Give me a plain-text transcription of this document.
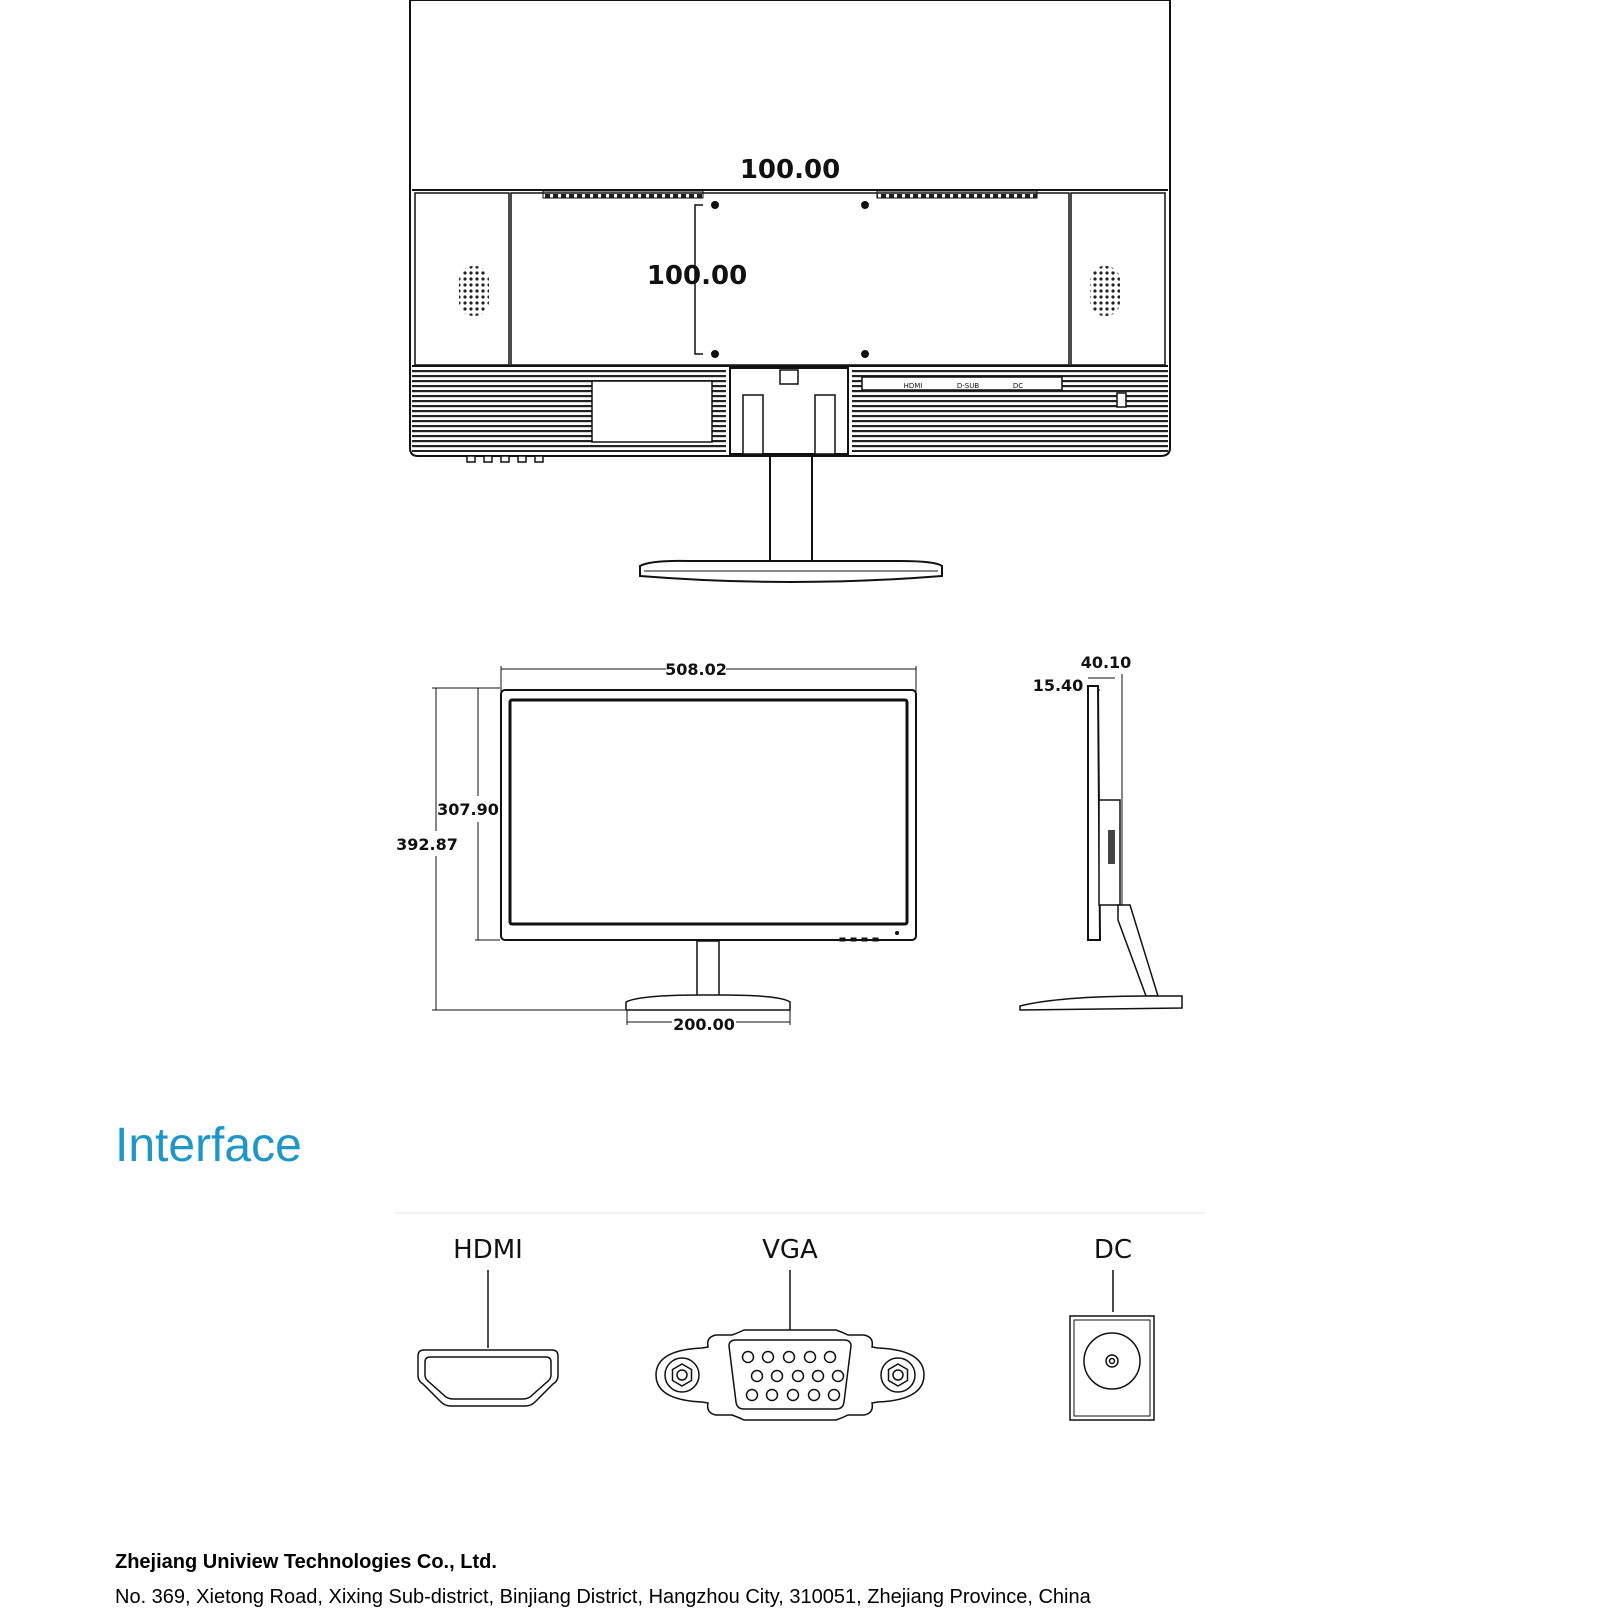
HDMI	D-SUB	DC
100.00
100.00
508.02
307.90
392.87
200.00
40.10
15.40
HDMI	VGA	DC
Interface
Zhejiang Uniview Technologies Co., Ltd.
No. 369, Xietong Road, Xixing Sub-district, Binjiang District, Hangzhou City, 310051, Zhejiang Province, China
